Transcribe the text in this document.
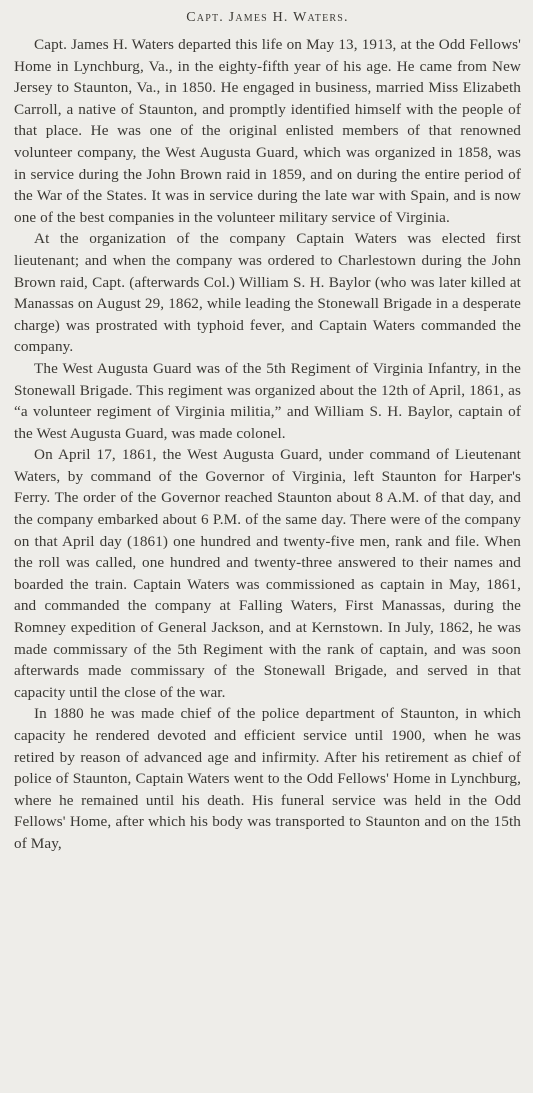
Capt. James H. Waters.

Capt. James H. Waters departed this life on May 13, 1913, at the Odd Fellows' Home in Lynchburg, Va., in the eighty-fifth year of his age. He came from New Jersey to Staunton, Va., in 1850. He engaged in business, married Miss Elizabeth Carroll, a native of Staunton, and promptly identified himself with the people of that place. He was one of the original enlisted members of that renowned volunteer company, the West Augusta Guard, which was organized in 1858, was in service during the John Brown raid in 1859, and on during the entire period of the War of the States. It was in service during the late war with Spain, and is now one of the best companies in the volunteer military service of Virginia.

At the organization of the company Captain Waters was elected first lieutenant; and when the company was ordered to Charlestown during the John Brown raid, Capt. (afterwards Col.) William S. H. Baylor (who was later killed at Manassas on August 29, 1862, while leading the Stonewall Brigade in a desperate charge) was prostrated with typhoid fever, and Captain Waters commanded the company.

The West Augusta Guard was of the 5th Regiment of Virginia Infantry, in the Stonewall Brigade. This regiment was organized about the 12th of April, 1861, as “a volunteer regiment of Virginia militia,” and William S. H. Baylor, captain of the West Augusta Guard, was made colonel.

On April 17, 1861, the West Augusta Guard, under command of Lieutenant Waters, by command of the Governor of Virginia, left Staunton for Harper's Ferry. The order of the Governor reached Staunton about 8 A.M. of that day, and the company embarked about 6 P.M. of the same day. There were of the company on that April day (1861) one hundred and twenty-five men, rank and file. When the roll was called, one hundred and twenty-three answered to their names and boarded the train. Captain Waters was commissioned as captain in May, 1861, and commanded the company at Falling Waters, First Manassas, during the Romney expedition of General Jackson, and at Kernstown. In July, 1862, he was made commissary of the 5th Regiment with the rank of captain, and was soon afterwards made commissary of the Stonewall Brigade, and served in that capacity until the close of the war.

In 1880 he was made chief of the police department of Staunton, in which capacity he rendered devoted and efficient service until 1900, when he was retired by reason of advanced age and infirmity. After his retirement as chief of police of Staunton, Captain Waters went to the Odd Fellows' Home in Lynchburg, where he remained until his death. His funeral service was held in the Odd Fellows' Home, after which his body was transported to Staunton and on the 15th of May,
